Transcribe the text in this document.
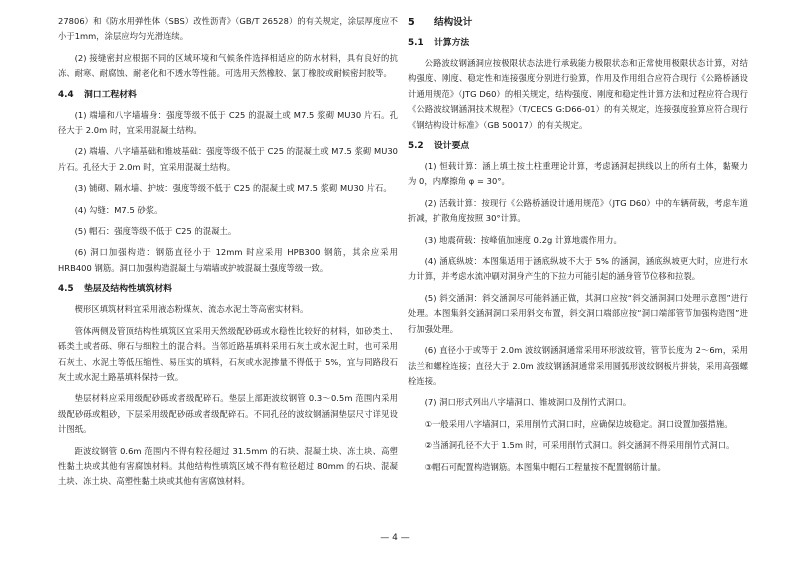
27806）和《防水用弹性体（SBS）改性沥青》（GB/T 26528）的有关规定，涂层厚度应不小于1mm，涂层应均匀光滑连续。

(2) 接缝密封应根据不同的区域环境和气候条件选择相适应的防水材料，具有良好的抗冻、耐寒、耐腐蚀、耐老化和不透水等性能。可选用天然橡胶、氯丁橡胶或耐候密封胶等。

4.4 洞口工程材料

(1) 端墙和八字墙墙身：强度等级不低于 C25 的混凝土或 M7.5 浆砌 MU30 片石。孔径大于 2.0m 时，宜采用混凝土结构。

(2) 端墙、八字墙基础和锥坡基础：强度等级不低于 C25 的混凝土或 M7.5 浆砌 MU30 片石。孔径大于 2.0m 时，宜采用混凝土结构。

(3) 铺砌、隔水墙、护坡：强度等级不低于 C25 的混凝土或 M7.5 浆砌 MU30 片石。

(4) 勾缝：M7.5 砂浆。

(5) 帽石：强度等级不低于 C25 的混凝土。

(6) 洞口加强构造：钢筋直径小于 12mm 时应采用 HPB300 钢筋，其余应采用 HRB400 钢筋。洞口加强构造混凝土与端墙或护坡混凝土强度等级一致。

4.5 垫层及结构性填筑材料

楔形区填筑材料宜采用液态粉煤灰、流态水泥土等高密实材料。

管体两侧及管顶结构性填筑区宜采用天然级配砂砾或水稳性比较好的材料，如砂类土、砾类土或者砾、卵石与细粒土的混合料。当邻近路基填料采用石灰土或水泥土时，也可采用石灰土、水泥土等低压缩性、易压实的填料，石灰或水泥掺量不得低于 5%，宜与同路段石灰土或水泥土路基填料保持一致。

垫层材料应采用级配砂砾或者级配碎石。垫层上部距波纹钢管 0.3～0.5m 范围内采用级配砂砾或粗砂，下层采用级配砂砾或者级配碎石。不同孔径的波纹钢涵洞垫层尺寸详见设计图纸。

距波纹钢管 0.6m 范围内不得有粒径超过 31.5mm 的石块、混凝土块、冻土块、高塑性黏土块或其他有害腐蚀材料。其他结构性填筑区域不得有粒径超过 80mm 的石块、混凝土块、冻土块、高塑性黏土块或其他有害腐蚀材料。

5 结构设计
5.1 计算方法

公路波纹钢涵洞应按极限状态法进行承载能力极限状态和正常使用极限状态计算，对结构强度、刚度、稳定性和连接强度分别进行验算，作用及作用组合应符合现行《公路桥涵设计通用规范》（JTG D60）的相关规定，结构强度、刚度和稳定性计算方法和过程应符合现行《公路波纹钢涵洞技术规程》（T/CECS G:D66-01）的有关规定，连接强度验算应符合现行《钢结构设计标准》（GB 50017）的有关规定。

5.2 设计要点

(1) 恒载计算：涵上填土按土柱重理论计算，考虑涵洞起拱线以上的所有土体，黏聚力为 0，内摩擦角 φ = 30°。

(2) 活载计算：按现行《公路桥涵设计通用规范》（JTG D60）中的车辆荷载，考虑车道折减，扩散角度按照 30°计算。

(3) 地震荷载：按峰值加速度 0.2g 计算地震作用力。

(4) 涵底纵坡：本图集适用于涵底纵坡不大于 5% 的涵洞，涵底纵坡更大时，应进行水力计算，并考虑水流冲刷对洞身产生的下拉力可能引起的涵身管节位移和拉裂。

(5) 斜交涵洞：斜交涵洞尽可能斜涵正做，其洞口应按“斜交涵洞洞口处理示意图”进行处理。本图集斜交涵洞洞口采用斜交布置，斜交洞口端部应按“洞口端部管节加强构造图”进行加强处理。

(6) 直径小于或等于 2.0m 波纹钢涵洞通常采用环形波纹管，管节长度为 2～6m，采用法兰和螺栓连接；直径大于 2.0m 波纹钢涵洞通常采用圆弧形波纹钢板片拼装，采用高强螺栓连接。

(7) 洞口形式列出八字墙洞口、锥坡洞口及削竹式洞口。

①一般采用八字墙洞口，采用削竹式洞口时，应确保边坡稳定。洞口设置加强措施。

②当涵洞孔径不大于 1.5m 时，可采用削竹式洞口。斜交涵洞不得采用削竹式洞口。

③帽石可配置构造钢筋。本图集中帽石工程量按不配置钢筋计量。

— 4 —
